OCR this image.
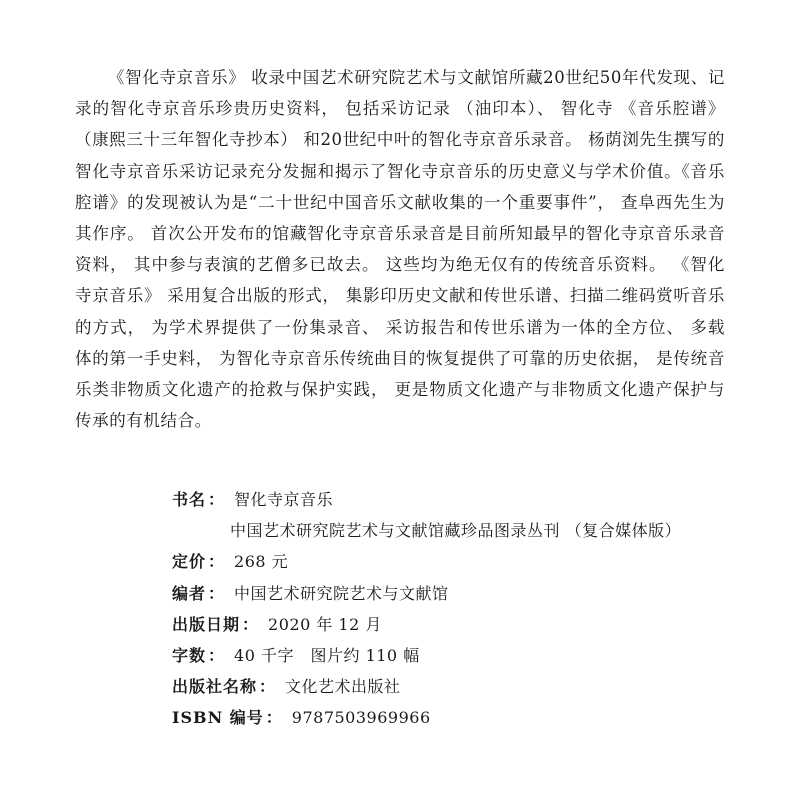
《智化寺京音乐》 收录中国艺术研究院艺术与文献馆所藏20世纪50年代发现、记录的智化寺京音乐珍贵历史资料， 包括采访记录 （油印本）、 智化寺 《音乐腔谱》 （康熙三十三年智化寺抄本） 和20世纪中叶的智化寺京音乐录音。 杨荫浏先生撰写的智化寺京音乐采访记录充分发掘和揭示了智化寺京音乐的历史意义与学术价值。《音乐腔谱》的发现被认为是“二十世纪中国音乐文献收集的一个重要事件”， 查阜西先生为其作序。 首次公开发布的馆藏智化寺京音乐录音是目前所知最早的智化寺京音乐录音资料， 其中参与表演的艺僧多已故去。 这些均为绝无仅有的传统音乐资料。 《智化寺京音乐》 采用复合出版的形式， 集影印历史文献和传世乐谱、扫描二维码赏听音乐的方式， 为学术界提供了一份集录音、 采访报告和传世乐谱为一体的全方位、 多载体的第一手史料， 为智化寺京音乐传统曲目的恢复提供了可靠的历史依据， 是传统音乐类非物质文化遗产的抢救与保护实践， 更是物质文化遗产与非物质文化遗产保护与传承的有机结合。

书名 ： 智化寺京音乐
中国艺术研究院艺术与文献馆藏珍品图录丛刊 （复合媒体版）
定价 ： 268 元
编者 ： 中国艺术研究院艺术与文献馆
出版日期 ： 2020 年 12 月
字数 ： 40 千字　图片约 110 幅
出版社名称 ： 文化艺术出版社
ISBN 编号 ： 9787503969966
